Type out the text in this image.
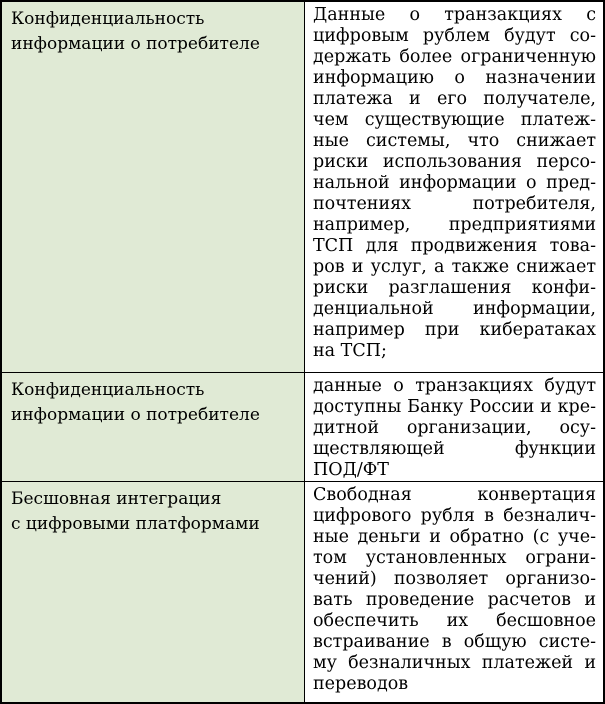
Конфиденциальность
информации о потребителе
Данные о транзакциях с
цифровым рублем будут со-
держать более ограниченную
информацию о назначении
платежа и его получателе,
чем существующие платеж-
ные системы, что снижает
риски использования персо-
нальной информации о пред-
почтениях потребителя,
например, предприятиями
ТСП для продвижения това-
ров и услуг, а также снижает
риски разглашения конфи-
денциальной информации,
например при кибератаках
на ТСП;
Конфиденциальность
информации о потребителе
данные о транзакциях будут
доступны Банку России и кре-
дитной организации, осу-
ществляющей функции
ПОД/ФТ
Бесшовная интеграция
с цифровыми платформами
Свободная конвертация
цифрового рубля в безналич-
ные деньги и обратно (с уче-
том установленных ограни-
чений) позволяет организо-
вать проведение расчетов и
обеспечить их бесшовное
встраивание в общую систе-
му безналичных платежей и
переводов
